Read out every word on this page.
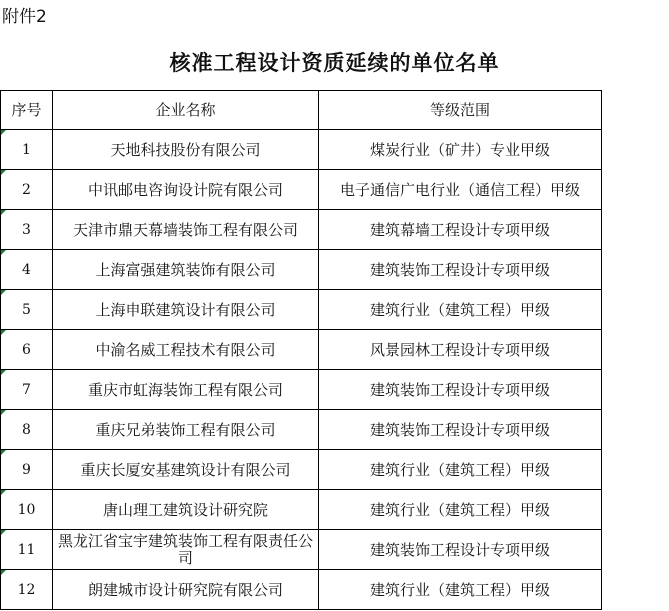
附件2
核准工程设计资质延续的单位名单
序号	企业名称	等级范围
1	天地科技股份有限公司	煤炭行业（矿井）专业甲级
2	中讯邮电咨询设计院有限公司	电子通信广电行业（通信工程）甲级
3	天津市鼎天幕墙装饰工程有限公司	建筑幕墙工程设计专项甲级
4	上海富强建筑装饰有限公司	建筑装饰工程设计专项甲级
5	上海申联建筑设计有限公司	建筑行业（建筑工程）甲级
6	中渝名威工程技术有限公司	风景园林工程设计专项甲级
7	重庆市虹海装饰工程有限公司	建筑装饰工程设计专项甲级
8	重庆兄弟装饰工程有限公司	建筑装饰工程设计专项甲级
9	重庆长厦安基建筑设计有限公司	建筑行业（建筑工程）甲级
10	唐山理工建筑设计研究院	建筑行业（建筑工程）甲级
11	黑龙江省宝宇建筑装饰工程有限责任公司	建筑装饰工程设计专项甲级
12	朗建城市设计研究院有限公司	建筑行业（建筑工程）甲级
